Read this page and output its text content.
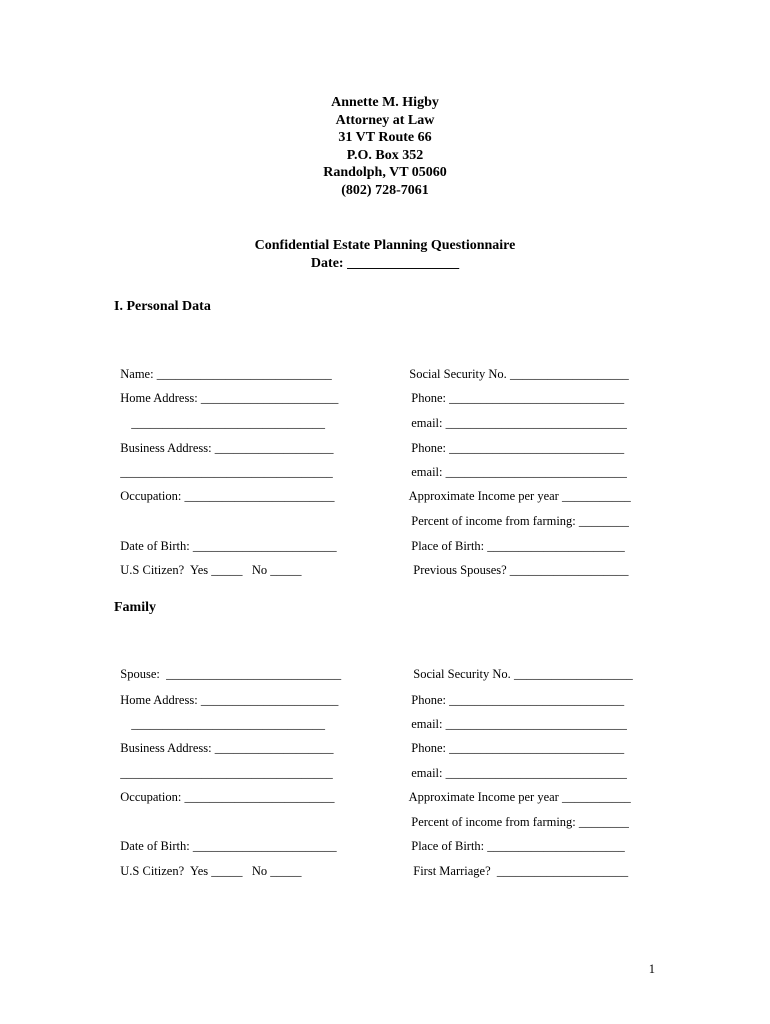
Annette M. Higby
Attorney at Law
31 VT Route 66
P.O. Box 352
Randolph, VT 05060
(802) 728-7061
Confidential Estate Planning Questionnaire
Date: ________________
I. Personal Data

Name: ____________________________

Home Address: ______________________

_______________________________

Business Address: ___________________

__________________________________

Occupation: ________________________

Date of Birth: _______________________

U.S Citizen? Yes _____ No _____

Social Security No. ___________________

Phone: ____________________________

email: _____________________________

Phone: ____________________________

email: _____________________________

Approximate Income per year ___________

Percent of income from farming: ________

Place of Birth: ______________________

Previous Spouses? ___________________

Family

Spouse: ____________________________

Home Address: ______________________

_______________________________

Business Address: ___________________

__________________________________

Occupation: ________________________

Date of Birth: _______________________

U.S Citizen? Yes _____ No _____

Social Security No. ___________________

Phone: ____________________________

email: _____________________________

Phone: ____________________________

email: _____________________________

Approximate Income per year ___________

Percent of income from farming: ________

Place of Birth: ______________________

First Marriage? _____________________

1
